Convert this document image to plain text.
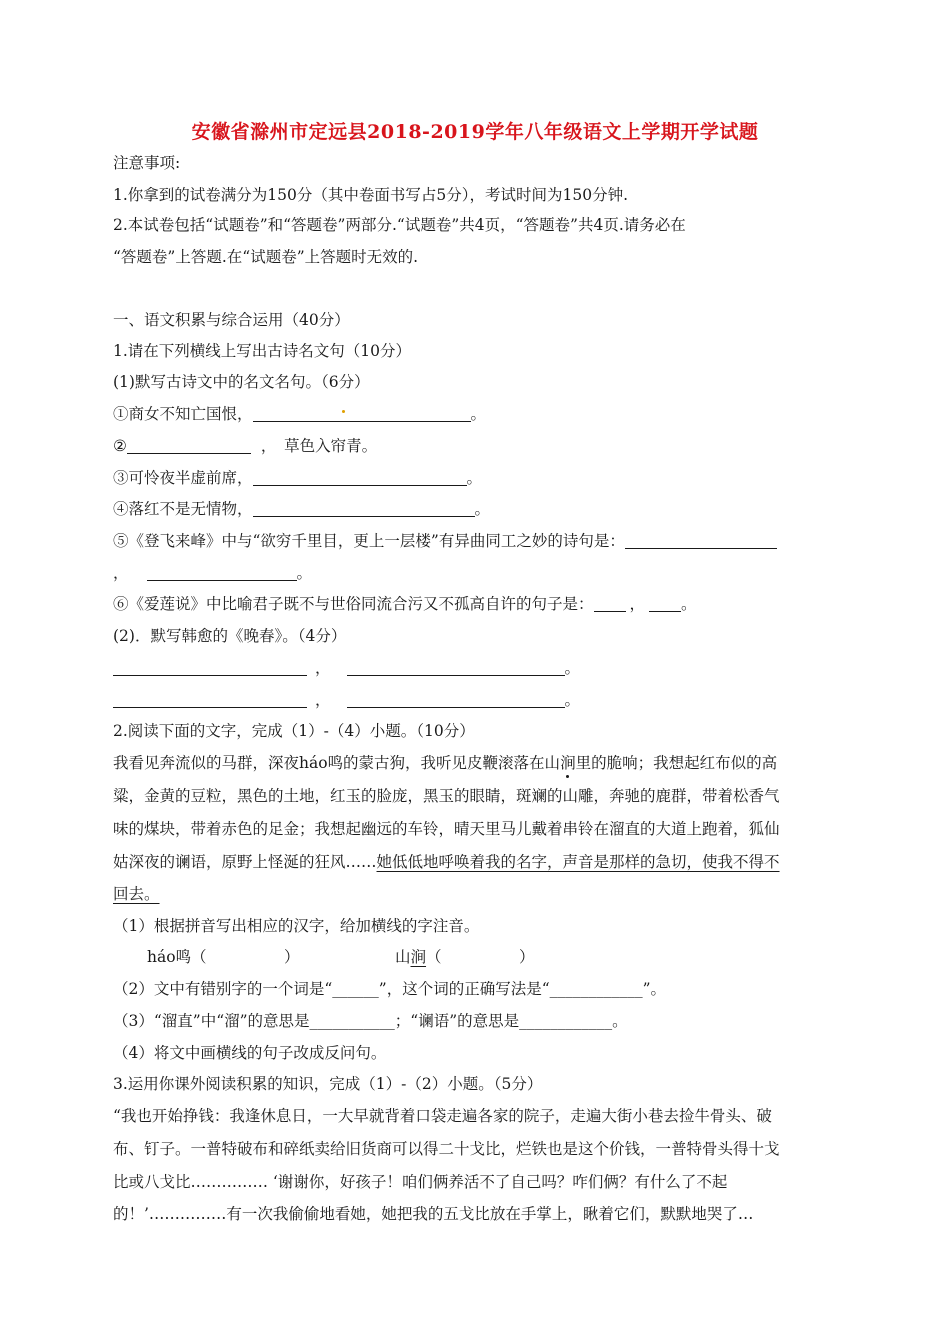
安徽省滁州市定远县2018-2019学年八年级语文上学期开学试题
注意事项:
1.你拿到的试卷满分为150分（其中卷面书写占5分），考试时间为150分钟.
2.本试卷包括“试题卷”和“答题卷”两部分.“试题卷”共4页，“答题卷”共4页.请务必在
“答题卷”上答题.在“试题卷”上答题时无效的.
一、语文积累与综合运用（40分）
1.请在下列横线上写出古诗名文句（10分）
(1)默写古诗文中的名文名句。（6分）
①商女不知亡国恨，	。
②	，　草色入帘青。
③可怜夜半虚前席，	。
④落红不是无情物，	。
⑤《登飞来峰》中与“欲穷千里目，更上一层楼”有异曲同工之妙的诗句是：
，	。
⑥《爱莲说》中比喻君子既不与世俗同流合污又不孤高自许的句子是： ， 。
(2)．默写韩愈的《晚春》。（4分）
，	。
，	。
2.阅读下面的文字，完成（1）-（4）小题。（10分）
我看见奔流似的马群，深夜háo鸣的蒙古狗，我听见皮鞭滚落在山涧里的脆响；我想起红布似的高
粱，金黄的豆粒，黑色的土地，红玉的脸庞，黑玉的眼睛，斑斓的山雕，奔驰的鹿群，带着松香气
味的煤块，带着赤色的足金；我想起幽远的车铃，晴天里马儿戴着串铃在溜直的大道上跑着，狐仙
姑深夜的谰语，原野上怪涎的狂风……她低低地呼唤着我的名字，声音是那样的急切，使我不得不
回去。
（1）根据拼音写出相应的汉字，给加横线的字注音。
háo鸣（　　　　　）	山涧（　　　　　）
（2）文中有错别字的一个词是“______”，这个词的正确写法是“____________”。
（3）“溜直”中“溜”的意思是___________；“谰语”的意思是____________。
（4）将文中画横线的句子改成反问句。
3.运用你课外阅读积累的知识，完成（1）-（2）小题。（5分）
“我也开始挣钱：我逢休息日，一大早就背着口袋走遍各家的院子，走遍大街小巷去捡牛骨头、破
布、钉子。一普特破布和碎纸卖给旧货商可以得二十戈比，烂铁也是这个价钱，一普特骨头得十戈
比或八戈比…………… ‘谢谢你，好孩子！咱们俩养活不了自己吗？咋们俩？有什么了不起
的！’……………有一次我偷偷地看她，她把我的五戈比放在手掌上，瞅着它们，默默地哭了…
